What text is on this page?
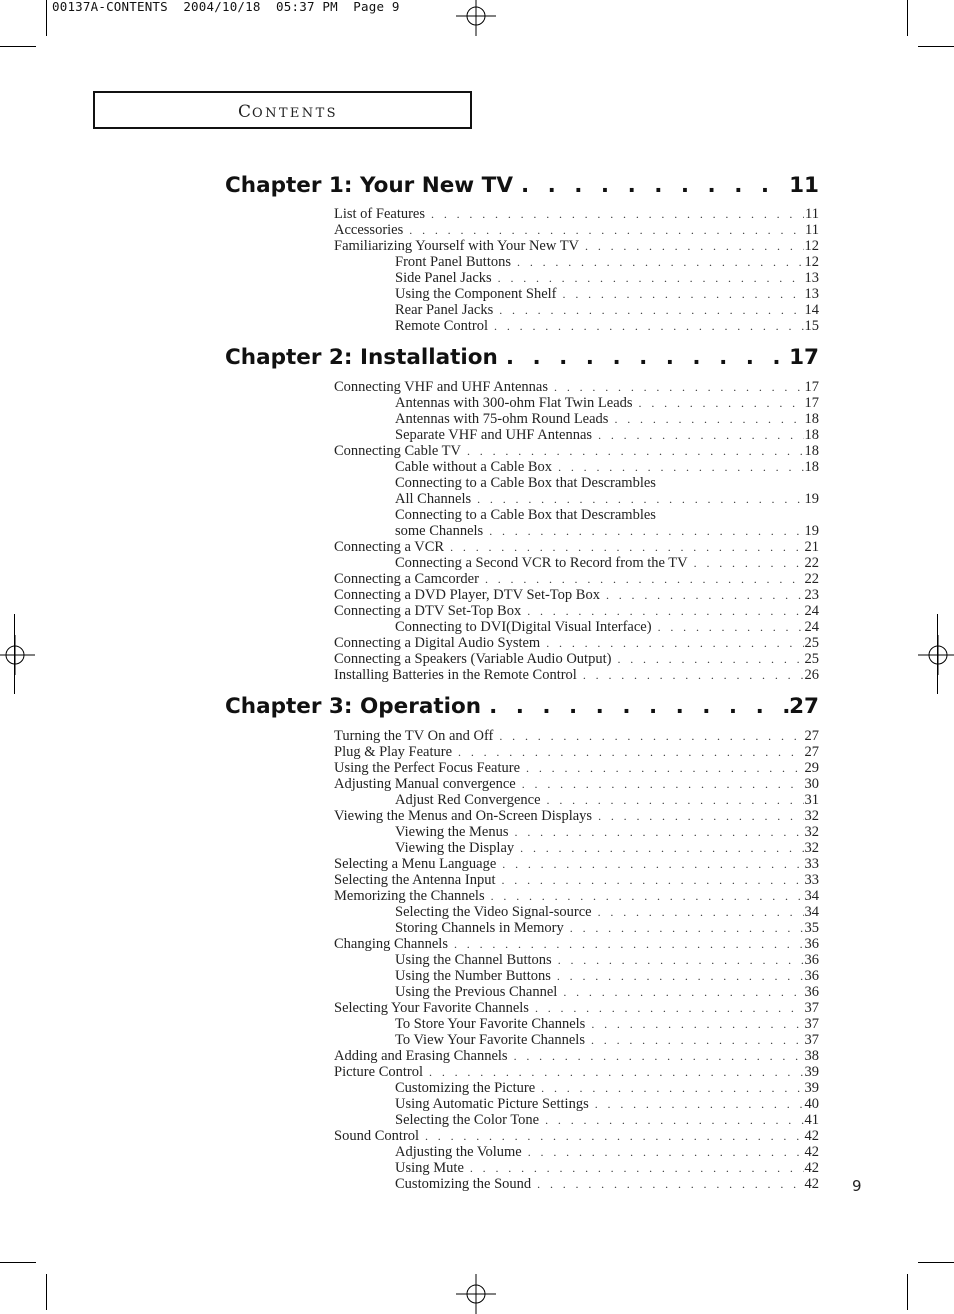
00137A-CONTENTS  2004/10/18  05:37 PM  Page 9
CONTENTS
Chapter 1: Your New TV . . .	11
List of Features . . .	11
Accessories . . .	11
Familiarizing Yourself with Your New TV . . .	12
Front Panel Buttons . . .	12
Side Panel Jacks . . .	13
Using the Component Shelf . . .	13
Rear Panel Jacks . . .	14
Remote Control . . .	15
Chapter 2: Installation . . .	17
Connecting VHF and UHF Antennas . . .	17
Antennas with 300-ohm Flat Twin Leads . . .	17
Antennas with 75-ohm Round Leads . . .	18
Separate VHF and UHF Antennas . . .	18
Connecting Cable TV . . .	18
Cable without a Cable Box . . .	18
Connecting to a Cable Box that Descrambles
All Channels . . .	19
Connecting to a Cable Box that Descrambles
some Channels . . .	19
Connecting a VCR . . .	21
Connecting a Second VCR to Record from the TV . . .	22
Connecting a Camcorder . . .	22
Connecting a DVD Player, DTV Set-Top Box . . .	23
Connecting a DTV Set-Top Box . . .	24
Connecting to DVI(Digital Visual Interface) . . .	24
Connecting a Digital Audio System . . .	25
Connecting a Speakers (Variable Audio Output) . . .	25
Installing Batteries in the Remote Control . . .	26
Chapter 3: Operation . . .	27
Turning the TV On and Off . . .	27
Plug & Play Feature . . .	27
Using the Perfect Focus Feature . . .	29
Adjusting Manual convergence . . .	30
Adjust Red Convergence . . .	31
Viewing the Menus and On-Screen Displays . . .	32
Viewing the Menus . . .	32
Viewing the Display . . .	32
Selecting a Menu Language . . .	33
Selecting the Antenna Input . . .	33
Memorizing the Channels . . .	34
Selecting the Video Signal-source . . .	34
Storing Channels in Memory . . .	35
Changing Channels . . .	36
Using the Channel Buttons . . .	36
Using the Number Buttons . . .	36
Using the Previous Channel . . .	36
Selecting Your Favorite Channels . . .	37
To Store Your Favorite Channels . . .	37
To View Your Favorite Channels . . .	37
Adding and Erasing Channels . . .	38
Picture Control . . .	39
Customizing the Picture . . .	39
Using Automatic Picture Settings . . .	40
Selecting the Color Tone . . .	41
Sound Control . . .	42
Adjusting the Volume . . .	42
Using Mute . . .	42
Customizing the Sound . . .	42 9
